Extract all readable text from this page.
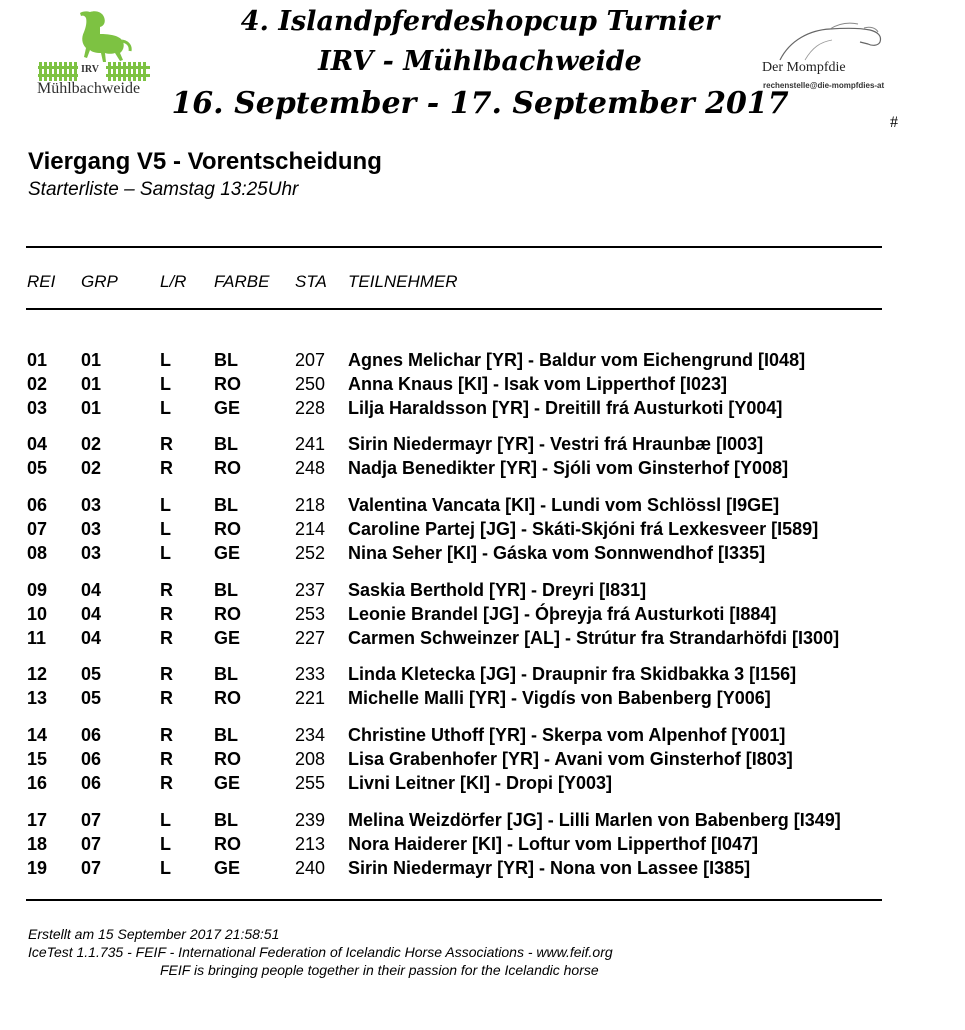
IRV
Mühlbachweide
Der Mompfdie
rechenstelle@die-mompfdies-at
4. Islandpferdeshopcup Turnier
IRV - Mühlbachweide
16. September - 17. September 2017
#
Viergang V5 - Vorentscheidung
Starterliste – Samstag 13:25Uhr
REI GRP L/R FARBE STA TEILNEHMER
01 01	L BL	207 Agnes Melichar [YR] - Baldur vom Eichengrund [I048]
02 01	L RO	250 Anna Knaus [KI] - Isak vom Lipperthof [I023]
03 01	L GE	228 Lilja Haraldsson [YR] - Dreitill frá Austurkoti [Y004]
04 02	R BL	241 Sirin Niedermayr [YR] - Vestri frá Hraunbæ [I003]
05 02	R RO	248 Nadja Benedikter [YR] - Sjóli vom Ginsterhof [Y008]
06 03	L BL	218 Valentina Vancata [KI] - Lundi vom Schlössl [I9GE]
07 03	L RO	214 Caroline Partej [JG] - Skáti-Skjóni frá Lexkesveer [I589]
08 03	L GE	252 Nina Seher [KI] - Gáska vom Sonnwendhof [I335]
09 04	R BL	237 Saskia Berthold [YR] - Dreyri [I831]
10 04	R RO	253 Leonie Brandel [JG] - Óþreyja frá Austurkoti [I884]
11 04	R GE	227 Carmen Schweinzer [AL] - Strútur fra Strandarhöfdi [I300]
12 05	R BL	233 Linda Kletecka [JG] - Draupnir fra Skidbakka 3 [I156]
13 05	R RO	221 Michelle Malli [YR] - Vigdís von Babenberg [Y006]
14 06	R BL	234 Christine Uthoff [YR] - Skerpa vom Alpenhof [Y001]
15 06	R RO	208 Lisa Grabenhofer [YR] - Avani vom Ginsterhof [I803]
16 06	R GE	255 Livni Leitner [KI] - Dropi [Y003]
17 07	L BL	239 Melina Weizdörfer [JG] - Lilli Marlen von Babenberg [I349]
18 07	L RO	213 Nora Haiderer [KI] - Loftur vom Lipperthof [I047]
19 07	L GE	240 Sirin Niedermayr [YR] - Nona von Lassee [I385]
Erstellt am 15 September 2017 21:58:51
IceTest 1.1.735 - FEIF - International Federation of Icelandic Horse Associations - www.feif.org
FEIF is bringing people together in their passion for the Icelandic horse
